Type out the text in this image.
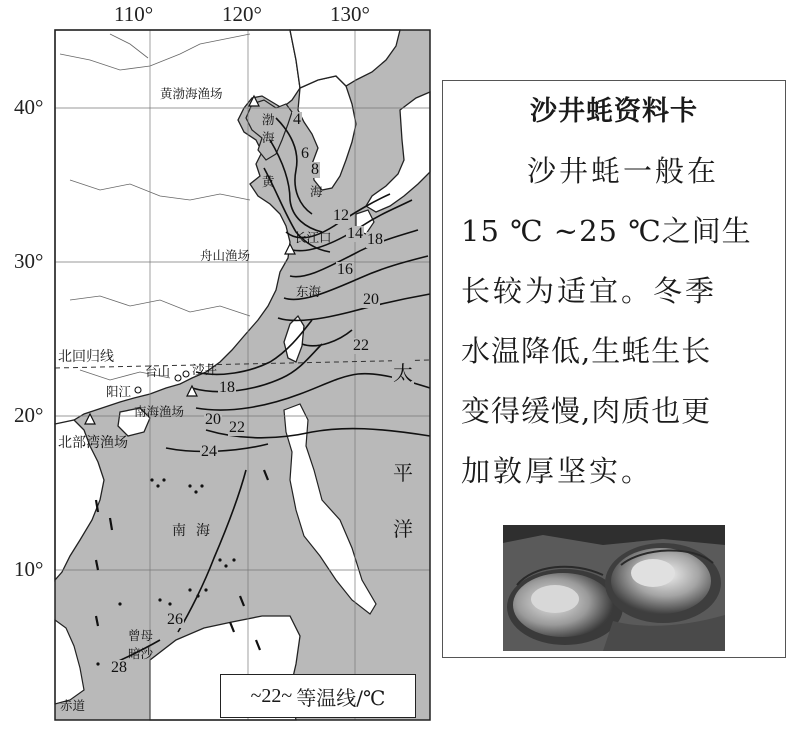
110°	120°	130°
40°
30°
20°
10°
黄渤海渔场
渤
海
黄
海
舟山渔场
长江口
东海
北回归线
台山 沙井
阳江
南海渔场
北部湾渔场
南 海
曾母
暗沙
赤道
太
平
洋
4
6
8
12
14
16
18
20
22
18
20 22
24
26
28
~22~ 等温线/℃
沙井蚝资料卡
沙井蚝一般在
15 ℃ ~25 ℃之间生
长较为适宜。冬季
水温降低,生蚝生长
变得缓慢,肉质也更
加敦厚坚实。
